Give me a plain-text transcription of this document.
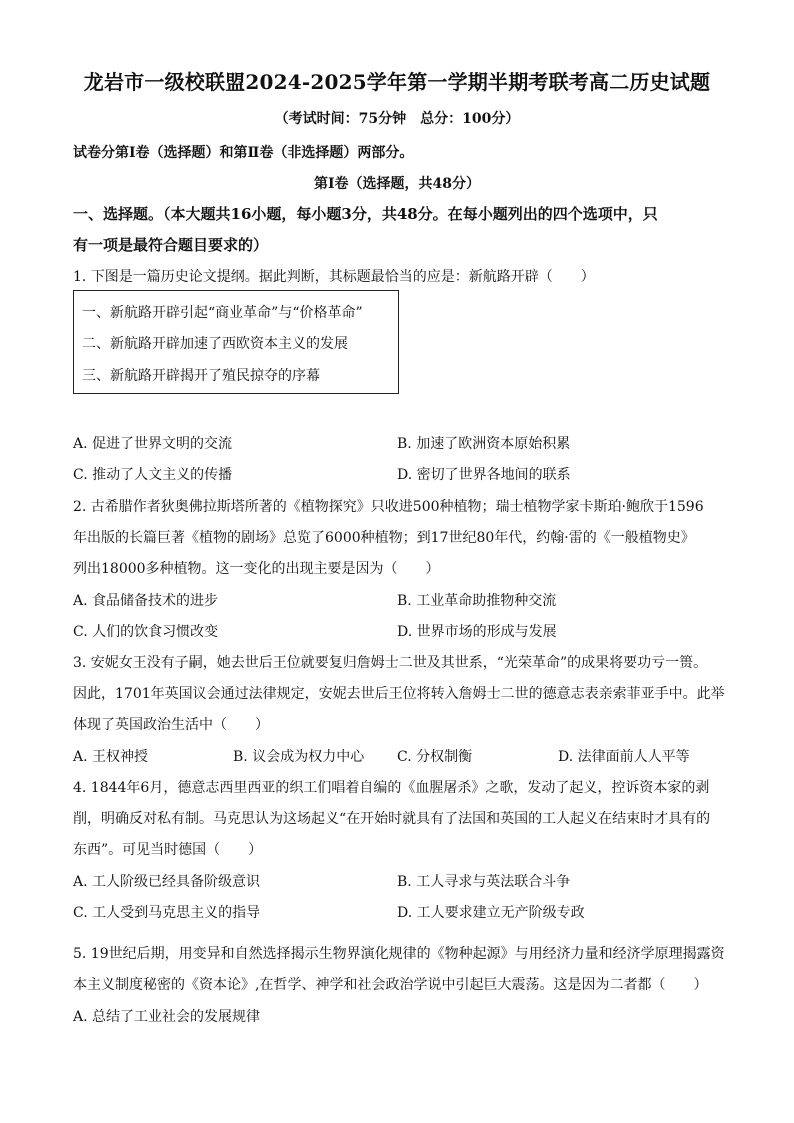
龙岩市一级校联盟2024-2025学年第一学期半期考联考高二历史试题
（考试时间：75分钟　总分：100分）
试卷分第Ⅰ卷（选择题）和第Ⅱ卷（非选择题）两部分。
第Ⅰ卷（选择题，共48分）
一、选择题。（本大题共16小题，每小题3分，共48分。在每小题列出的四个选项中，只
有一项是最符合题目要求的）
1. 下图是一篇历史论文提纲。据此判断，其标题最恰当的应是：新航路开辟（　　）
一、新航路开辟引起“商业革命”与“价格革命”
二、新航路开辟加速了西欧资本主义的发展
三、新航路开辟揭开了殖民掠夺的序幕
A. 促进了世界文明的交流	B. 加速了欧洲资本原始积累
C. 推动了人文主义的传播	D. 密切了世界各地间的联系
2. 古希腊作者狄奥佛拉斯塔所著的《植物探究》只收进500种植物；瑞士植物学家卡斯珀·鲍欣于1596
年出版的长篇巨著《植物的剧场》总览了6000种植物；到17世纪80年代，约翰·雷的《一般植物史》
列出18000多种植物。这一变化的出现主要是因为（　　）
A. 食品储备技术的进步	B. 工业革命助推物种交流
C. 人们的饮食习惯改变	D. 世界市场的形成与发展
3. 安妮女王没有子嗣，她去世后王位就要复归詹姆士二世及其世系，“光荣革命”的成果将要功亏一篑。
因此，1701年英国议会通过法律规定，安妮去世后王位将转入詹姆士二世的德意志表亲索菲亚手中。此举
体现了英国政治生活中（　　）
A. 王权神授	B. 议会成为权力中心 C. 分权制衡	D. 法律面前人人平等
4. 1844年6月，德意志西里西亚的织工们唱着自编的《血腥屠杀》之歌，发动了起义，控诉资本家的剥
削，明确反对私有制。马克思认为这场起义“在开始时就具有了法国和英国的工人起义在结束时才具有的
东西”。可见当时德国（　　）
A. 工人阶级已经具备阶级意识	B. 工人寻求与英法联合斗争
C. 工人受到马克思主义的指导	D. 工人要求建立无产阶级专政
5. 19世纪后期，用变异和自然选择揭示生物界演化规律的《物种起源》与用经济力量和经济学原理揭露资
本主义制度秘密的《资本论》,在哲学、神学和社会政治学说中引起巨大震荡。这是因为二者都（　　）
A. 总结了工业社会的发展规律
